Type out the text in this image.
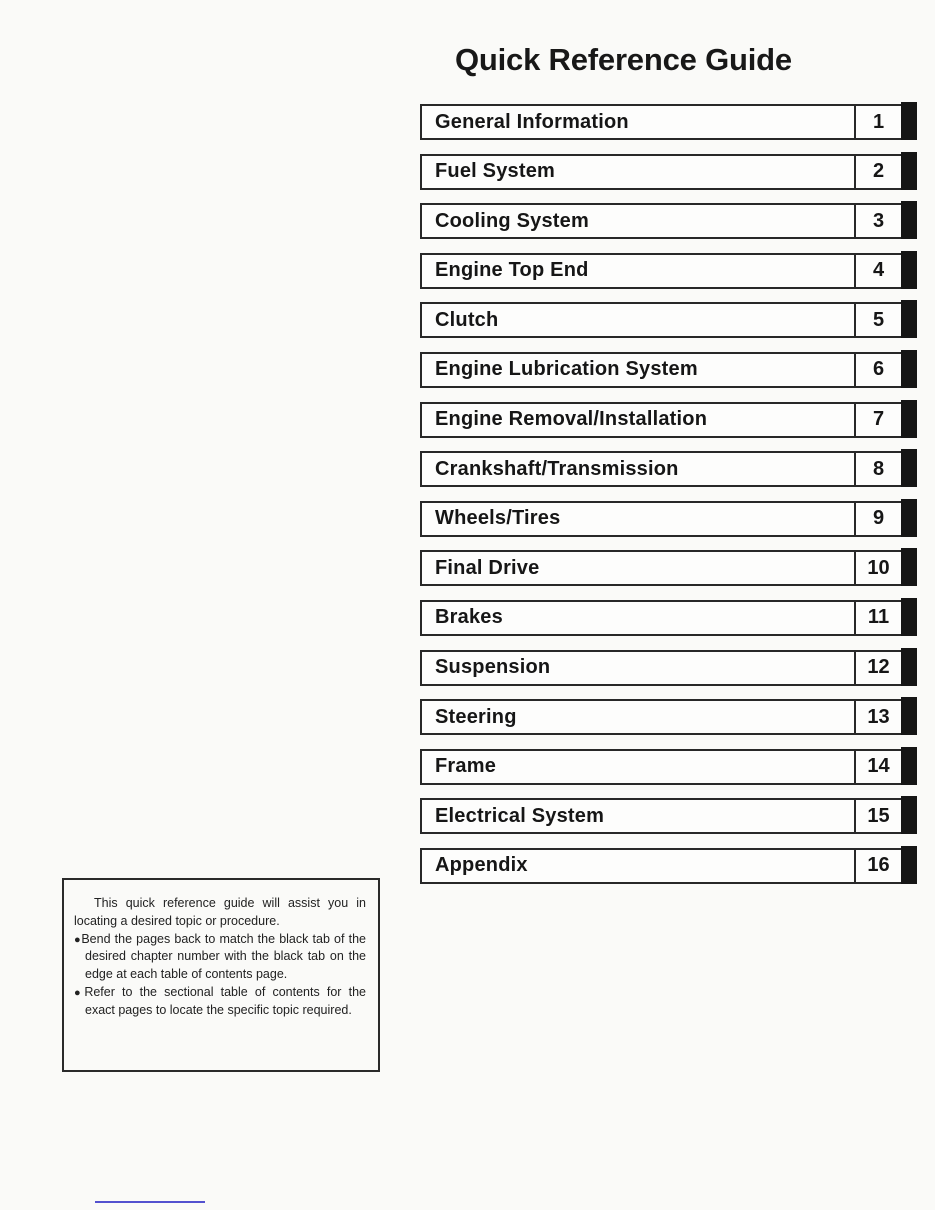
Quick Reference Guide
General Information	1
Fuel System	2
Cooling System	3
Engine Top End	4
Clutch	5
Engine Lubrication System	6
Engine Removal/Installation	7
Crankshaft/Transmission	8
Wheels/Tires	9
Final Drive	10
Brakes	11
Suspension	12
Steering	13
Frame	14
Electrical System	15
Appendix	16

This quick reference guide will assist you in locating a desired topic or procedure.

●Bend the pages back to match the black tab of the desired chapter number with the black tab on the edge at each table of contents page.

●Refer to the sectional table of contents for the exact pages to locate the specific topic required.
